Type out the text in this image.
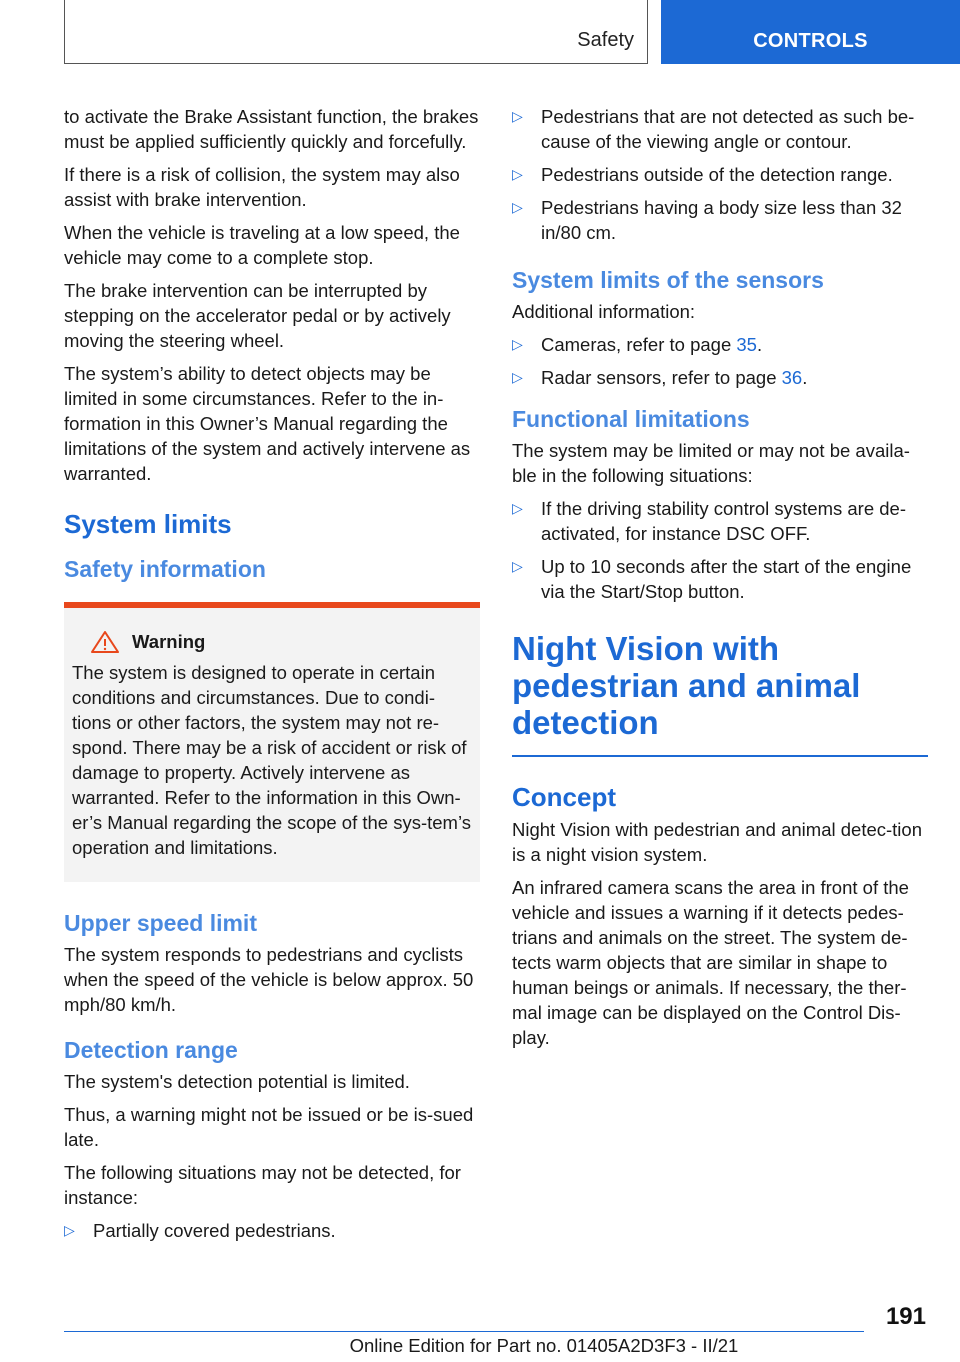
Safety	CONTROLS

to activate the Brake Assistant function, the brakes must be applied sufficiently quickly and forcefully.

If there is a risk of collision, the system may also assist with brake intervention.

When the vehicle is traveling at a low speed, the vehicle may come to a complete stop.

The brake intervention can be interrupted by stepping on the accelerator pedal or by actively moving the steering wheel.

The system’s ability to detect objects may be limited in some circumstances. Refer to the in-formation in this Owner’s Manual regarding the limitations of the system and actively intervene as warranted.

System limits
Safety information
Warning

The system is designed to operate in certain conditions and circumstances. Due to condi-tions or other factors, the system may not re-spond. There may be a risk of accident or risk of damage to property. Actively intervene as warranted. Refer to the information in this Own-er’s Manual regarding the scope of the sys-tem’s operation and limitations.

Upper speed limit

The system responds to pedestrians and cyclists when the speed of the vehicle is below approx. 50 mph/80 km/h.

Detection range

The system's detection potential is limited.

Thus, a warning might not be issued or be is-sued late.

The following situations may not be detected, for instance:

▷ Partially covered pedestrians.
▷ Pedestrians that are not detected as such be-cause of the viewing angle or contour.
▷ Pedestrians outside of the detection range.
▷ Pedestrians having a body size less than 32 in/80 cm.
System limits of the sensors

Additional information:

▷ Cameras, refer to page 35.
▷ Radar sensors, refer to page 36.
Functional limitations

The system may be limited or may not be availa-ble in the following situations:

▷ If the driving stability control systems are de-activated, for instance DSC OFF.
▷ Up to 10 seconds after the start of the engine via the Start/Stop button.
Night Vision with pedestrian and animal detection
Concept

Night Vision with pedestrian and animal detec-tion is a night vision system.

An infrared camera scans the area in front of the vehicle and issues a warning if it detects pedes-trians and animals on the street. The system de-tects warm objects that are similar in shape to human beings or animals. If necessary, the ther-mal image can be displayed on the Control Dis-play.

191
Online Edition for Part no. 01405A2D3F3 - II/21
